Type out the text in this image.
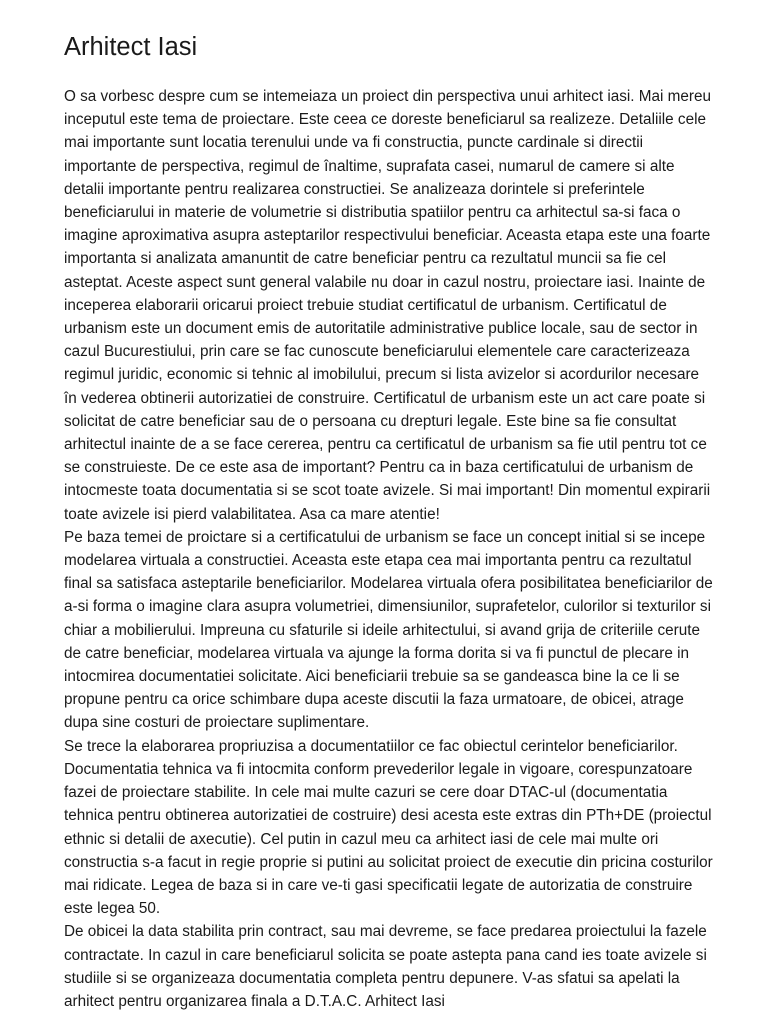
Arhitect Iasi

O sa vorbesc despre cum se intemeiaza un proiect din perspectiva unui arhitect iasi. Mai mereu inceputul este tema de proiectare. Este ceea ce doreste beneficiarul sa realizeze. Detaliile cele mai importante sunt locatia terenului unde va fi constructia, puncte cardinale si directii importante de perspectiva, regimul de înaltime, suprafata casei, numarul de camere si alte detalii importante pentru realizarea constructiei. Se analizeaza dorintele si preferintele beneficiarului in materie de volumetrie si distributia spatiilor pentru ca arhitectul sa-si faca o imagine aproximativa asupra asteptarilor respectivului beneficiar. Aceasta etapa este una foarte importanta si analizata amanuntit de catre beneficiar pentru ca rezultatul muncii sa fie cel asteptat. Aceste aspect sunt general valabile nu doar in cazul nostru, proiectare iasi. Inainte de inceperea elaborarii oricarui proiect trebuie studiat certificatul de urbanism. Certificatul de urbanism este un document emis de autoritatile administrative publice locale, sau de sector in cazul Bucurestiului, prin care se fac cunoscute beneficiarului elementele care caracterizeaza regimul juridic, economic si tehnic al imobilului, precum si lista avizelor si acordurilor necesare în vederea obtinerii autorizatiei de construire. Certificatul de urbanism este un act care poate si solicitat de catre beneficiar sau de o persoana cu drepturi legale. Este bine sa fie consultat arhitectul inainte de a se face cererea, pentru ca certificatul de urbanism sa fie util pentru tot ce se construieste. De ce este asa de important? Pentru ca in baza certificatului de urbanism de intocmeste toata documentatia si se scot toate avizele. Si mai important! Din momentul expirarii toate avizele isi pierd valabilitatea. Asa ca mare atentie!

Pe baza temei de proictare si a certificatului de urbanism se face un concept initial si se incepe modelarea virtuala a constructiei. Aceasta este etapa cea mai importanta pentru ca rezultatul final sa satisfaca asteptarile beneficiarilor. Modelarea virtuala ofera posibilitatea beneficiarilor de a-si forma o imagine clara asupra volumetriei, dimensiunilor, suprafetelor, culorilor si texturilor si chiar a mobilierului. Impreuna cu sfaturile si ideile arhitectului, si avand grija de criteriile cerute de catre beneficiar, modelarea virtuala va ajunge la forma dorita si va fi punctul de plecare in intocmirea documentatiei solicitate. Aici beneficiarii trebuie sa se gandeasca bine la ce li se propune pentru ca orice schimbare dupa aceste discutii la faza urmatoare, de obicei, atrage dupa sine costuri de proiectare suplimentare.

Se trece la elaborarea propriuzisa a documentatiilor ce fac obiectul cerintelor beneficiarilor. Documentatia tehnica va fi intocmita conform prevederilor legale in vigoare, corespunzatoare fazei de proiectare stabilite. In cele mai multe cazuri se cere doar DTAC-ul (documentatia tehnica pentru obtinerea autorizatiei de costruire) desi acesta este extras din PTh+DE (proiectul ethnic si detalii de axecutie). Cel putin in cazul meu ca arhitect iasi de cele mai multe ori constructia s-a facut in regie proprie si putini au solicitat proiect de executie din pricina costurilor mai ridicate. Legea de baza si in care ve-ti gasi specificatii legate de autorizatia de construire este legea 50.

De obicei la data stabilita prin contract, sau mai devreme, se face predarea proiectului la fazele contractate. In cazul in care beneficiarul solicita se poate astepta pana cand ies toate avizele si studiile si se organizeaza documentatia completa pentru depunere. V-as sfatui sa apelati la arhitect pentru organizarea finala a D.T.A.C. Arhitect Iasi
